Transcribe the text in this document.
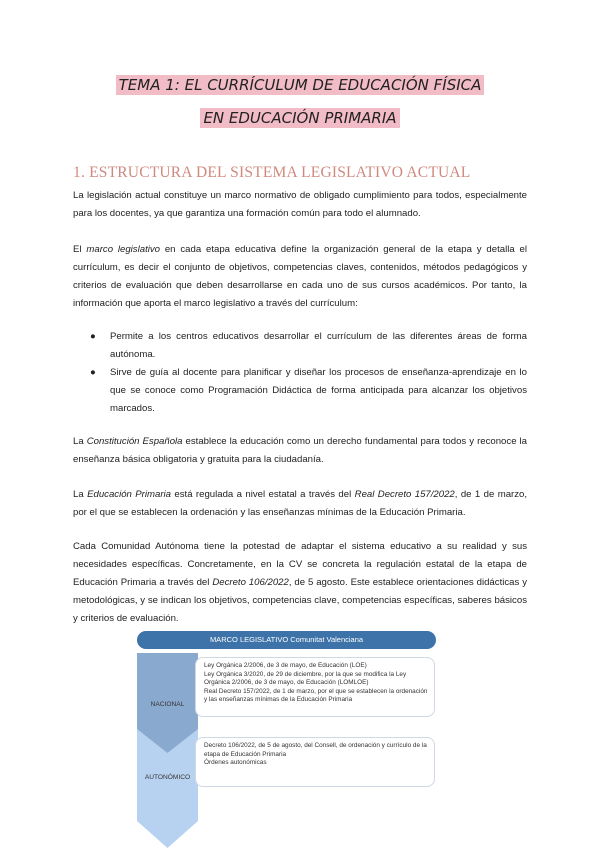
TEMA 1: EL CURRÍCULUM DE EDUCACIÓN FÍSICA
EN EDUCACIÓN PRIMARIA
1. ESTRUCTURA DEL SISTEMA LEGISLATIVO ACTUAL
La legislación actual constituye un marco normativo de obligado cumplimiento para todos, especialmente para los docentes, ya que garantiza una formación común para todo el alumnado.
El marco legislativo en cada etapa educativa define la organización general de la etapa y detalla el currículum, es decir el conjunto de objetivos, competencias claves, contenidos, métodos pedagógicos y criterios de evaluación que deben desarrollarse en cada uno de sus cursos académicos. Por tanto, la información que aporta el marco legislativo a través del currículum:
● Permite a los centros educativos desarrollar el currículum de las diferentes áreas de forma autónoma.
● Sirve de guía al docente para planificar y diseñar los procesos de enseñanza-aprendizaje en lo que se conoce como Programación Didáctica de forma anticipada para alcanzar los objetivos marcados.
La Constitución Española establece la educación como un derecho fundamental para todos y reconoce la enseñanza básica obligatoria y gratuita para la ciudadanía.
La Educación Primaria está regulada a nivel estatal a través del Real Decreto 157/2022, de 1 de marzo, por el que se establecen la ordenación y las enseñanzas mínimas de la Educación Primaria.
Cada Comunidad Autónoma tiene la potestad de adaptar el sistema educativo a su realidad y sus necesidades específicas. Concretamente, en la CV se concreta la regulación estatal de la etapa de Educación Primaria a través del Decreto 106/2022, de 5 agosto. Este establece orientaciones didácticas y metodológicas, y se indican los objetivos, competencias clave, competencias específicas, saberes básicos y criterios de evaluación.
MARCO LEGISLATIVO Comunitat Valenciana
NACIONAL
Ley Orgánica 2/2006, de 3 de mayo, de Educación (LOE)
Ley Orgánica 3/2020, de 29 de diciembre, por la que se modifica la Ley Orgánica 2/2006, de 3 de mayo, de Educación (LOMLOE)
Real Decreto 157/2022, de 1 de marzo, por el que se establecen la ordenación y las enseñanzas mínimas de la Educación Primaria
AUTONÓMICO
Decreto 106/2022, de 5 de agosto, del Consell, de ordenación y currículo de la etapa de Educación Primaria
Órdenes autonómicas
